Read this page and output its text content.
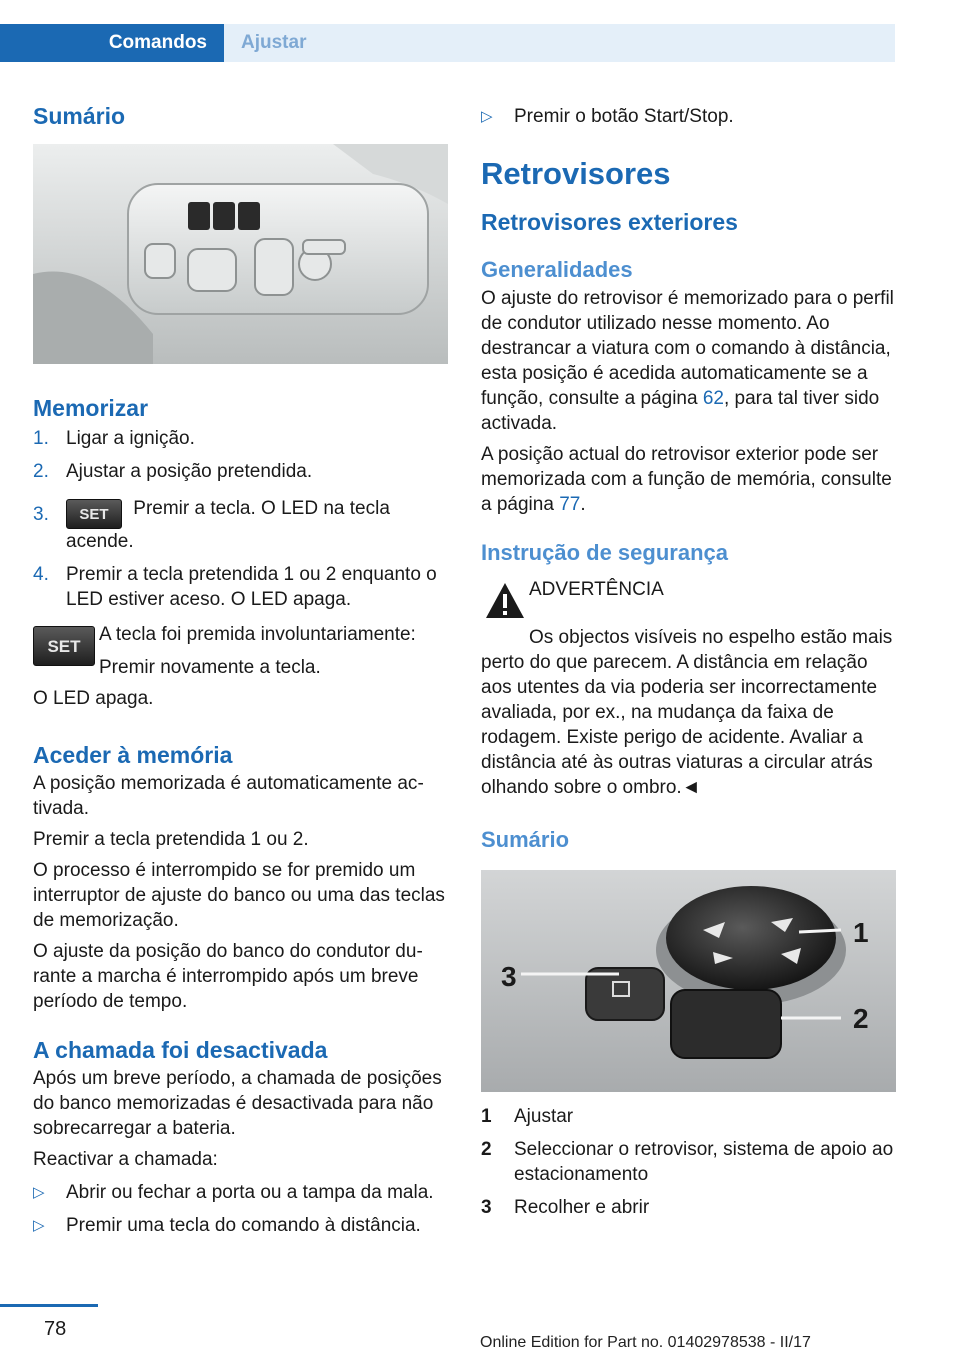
Comandos	Ajustar
Sumário
Memorizar
1. Ligar a ignição.
2. Ajustar a posição pretendida.
3.	SET Premir a tecla. O LED na tecla acende.
4. Premir a tecla pretendida 1 ou 2 enquanto o LED estiver aceso. O LED apaga.
SET
A tecla foi premida involuntariamente:
Premir novamente a tecla.

O LED apaga.

Aceder à memória

A posição memorizada é automaticamente activada.

Premir a tecla pretendida 1 ou 2.

O processo é interrompido se for premido um interruptor de ajuste do banco ou uma das teclas de memorização.

O ajuste da posição do banco do condutor durante a marcha é interrompido após um breve período de tempo.

A chamada foi desactivada

Após um breve período, a chamada de posições do banco memorizadas é desactivada para não sobrecarregar a bateria.

Reactivar a chamada:

▷	Abrir ou fechar a porta ou a tampa da mala.
▷	Premir uma tecla do comando à distância.
▷	Premir o botão Start/Stop.
Retrovisores
Retrovisores exteriores
Generalidades

O ajuste do retrovisor é memorizado para o perfil de condutor utilizado nesse momento. Ao destrancar a viatura com o comando à distância, esta posição é acedida automaticamente se a função, consulte a página 62, para tal tiver sido activada.

A posição actual do retrovisor exterior pode ser memorizada com a função de memória, consulte a página 77.

Instrução de segurança
ADVERTÊNCIA

Os objectos visíveis no espelho estão mais perto do que parecem. A distância em relação aos utentes da via poderia ser incorrectamente avaliada, por ex., na mudança da faixa de rodagem. Existe perigo de acidente. Avaliar a distância até às outras viaturas a circular atrás olhando sobre o ombro.◄

Sumário
1
2
3
1	Ajustar
2	Seleccionar o retrovisor, sistema de apoio ao estacionamento
3	Recolher e abrir
78
Online Edition for Part no. 01402978538 - II/17
